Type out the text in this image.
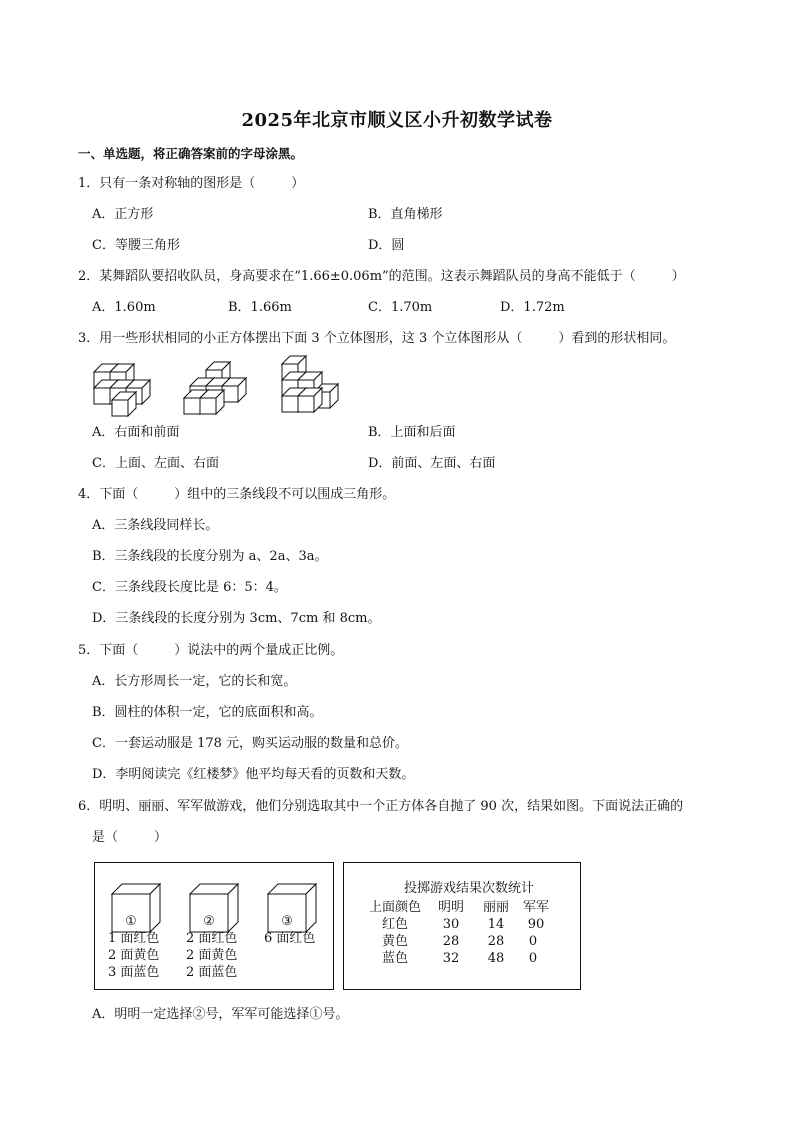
2025年北京市顺义区小升初数学试卷
一、单选题，将正确答案前的字母涂黑。
1．只有一条对称轴的图形是（	）
A．正方形	B．直角梯形
C．等腰三角形	D．圆
2．某舞蹈队要招收队员，身高要求在“1.66±0.06m”的范围。这表示舞蹈队员的身高不能低于（	）
A．1.60m	B．1.66m	C．1.70m	D．1.72m
3．用一些形状相同的小正方体摆出下面 3 个立体图形，这 3 个立体图形从（	）看到的形状相同。
A．右面和前面	B．上面和后面
C．上面、左面、右面	D．前面、左面、右面
4．下面（	）组中的三条线段不可以围成三角形。
A．三条线段同样长。
B．三条线段的长度分别为 a、2a、3a。
C．三条线段长度比是 6：5：4。
D．三条线段的长度分别为 3cm、7cm 和 8cm。
5．下面（	）说法中的两个量成正比例。
A．长方形周长一定，它的长和宽。
B．圆柱的体积一定，它的底面积和高。
C．一套运动服是 178 元，购买运动服的数量和总价。
D．李明阅读完《红楼梦》他平均每天看的页数和天数。
6．明明、丽丽、军军做游戏，他们分别选取其中一个正方体各自抛了 90 次，结果如图。下面说法正确的
是（	）
①	②	③
1 面红色
2 面黄色
3 面蓝色
2 面红色
2 面黄色
2 面蓝色
6 面红色
投掷游戏结果次数统计
上面颜色 明明 丽丽 军军
红色	30 14 90
黄色	28 28 0
蓝色	32 48 0
A．明明一定选择②号，军军可能选择①号。
